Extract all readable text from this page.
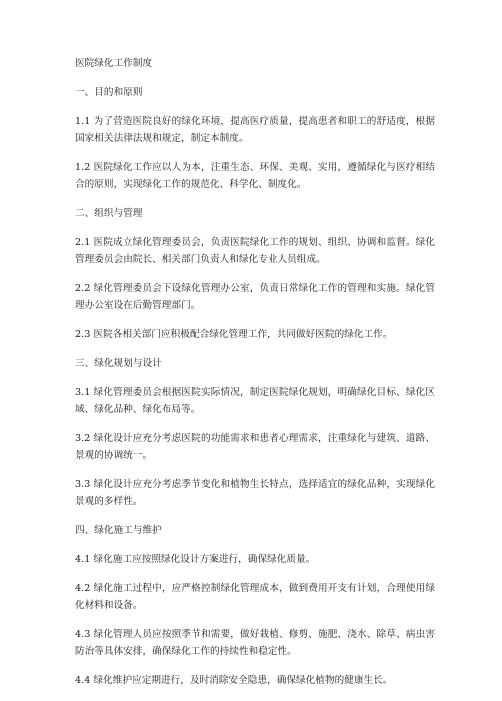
医院绿化工作制度
一、目的和原则
1.1 为了营造医院良好的绿化环境，提高医疗质量，提高患者和职工的舒适度，根据国家相关法律法规和规定，制定本制度。
1.2 医院绿化工作应以人为本，注重生态、环保、美观、实用，遵循绿化与医疗相结合的原则，实现绿化工作的规范化、科学化、制度化。
二、组织与管理
2.1 医院成立绿化管理委员会，负责医院绿化工作的规划、组织、协调和监督。绿化管理委员会由院长、相关部门负责人和绿化专业人员组成。
2.2 绿化管理委员会下设绿化管理办公室，负责日常绿化工作的管理和实施。绿化管理办公室设在后勤管理部门。
2.3 医院各相关部门应积极配合绿化管理工作，共同做好医院的绿化工作。
三、绿化规划与设计
3.1 绿化管理委员会根据医院实际情况，制定医院绿化规划，明确绿化目标、绿化区域、绿化品种、绿化布局等。
3.2 绿化设计应充分考虑医院的功能需求和患者心理需求，注重绿化与建筑、道路、景观的协调统一。
3.3 绿化设计应充分考虑季节变化和植物生长特点，选择适宜的绿化品种，实现绿化景观的多样性。
四、绿化施工与维护
4.1 绿化施工应按照绿化设计方案进行，确保绿化质量。
4.2 绿化施工过程中，应严格控制绿化管理成本，做到费用开支有计划，合理使用绿化材料和设备。
4.3 绿化管理人员应按照季节和需要，做好栽植、修剪、施肥、浇水、除草、病虫害防治等具体安排，确保绿化工作的持续性和稳定性。
4.4 绿化维护应定期进行，及时消除安全隐患，确保绿化植物的健康生长。
